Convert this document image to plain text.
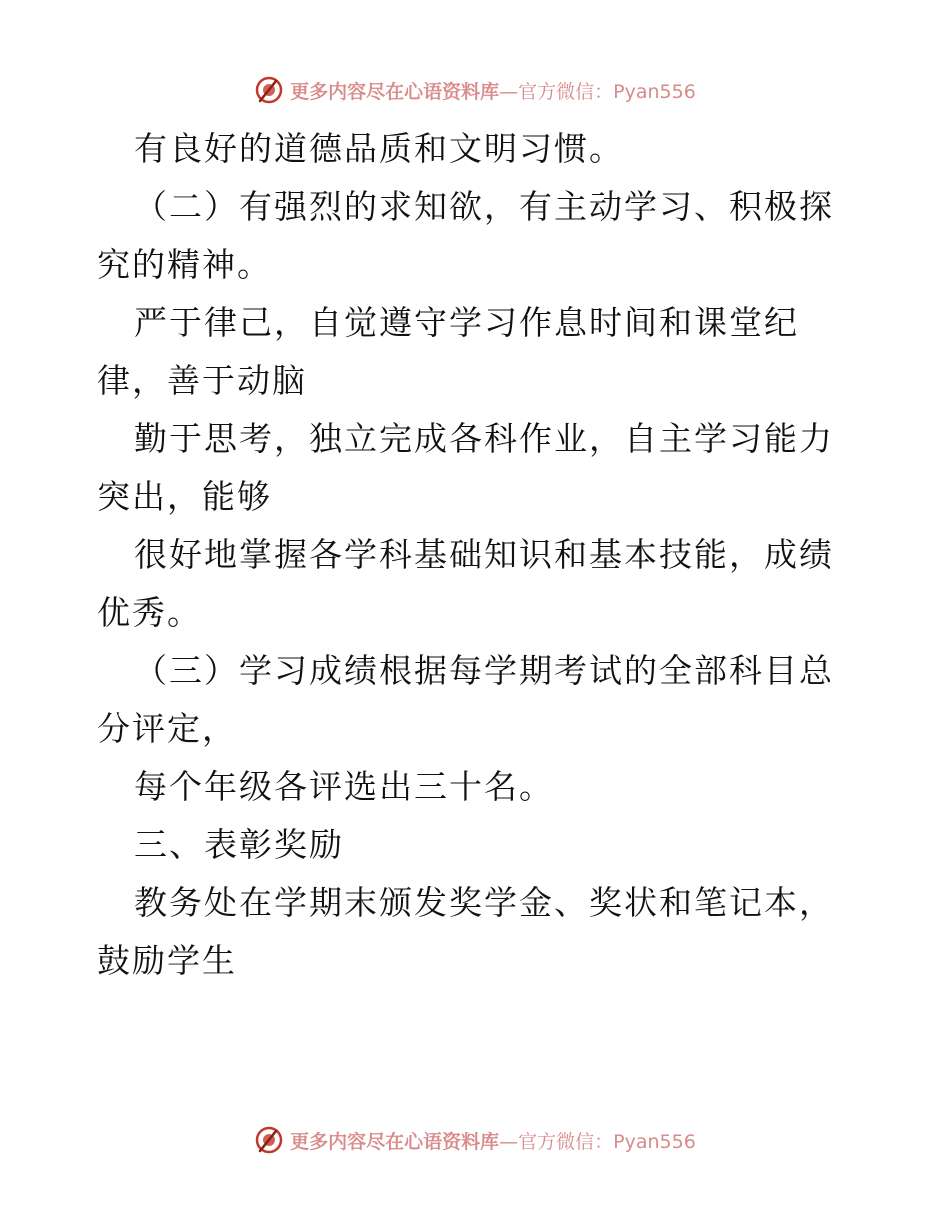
更多内容尽在心语资料库 —官方微信：Pyan556

有良好的道德品质和文明习惯。

（二）有强烈的求知欲，有主动学习、积极探究的精神。

严于律己，自觉遵守学习作息时间和课堂纪律，善于动脑

勤于思考，独立完成各科作业，自主学习能力突出，能够

很好地掌握各学科基础知识和基本技能，成绩优秀。

（三）学习成绩根据每学期考试的全部科目总分评定，

每个年级各评选出三十名。

三、表彰奖励

教务处在学期末颁发奖学金、奖状和笔记本，鼓励学生

更多内容尽在心语资料库 —官方微信：Pyan556
